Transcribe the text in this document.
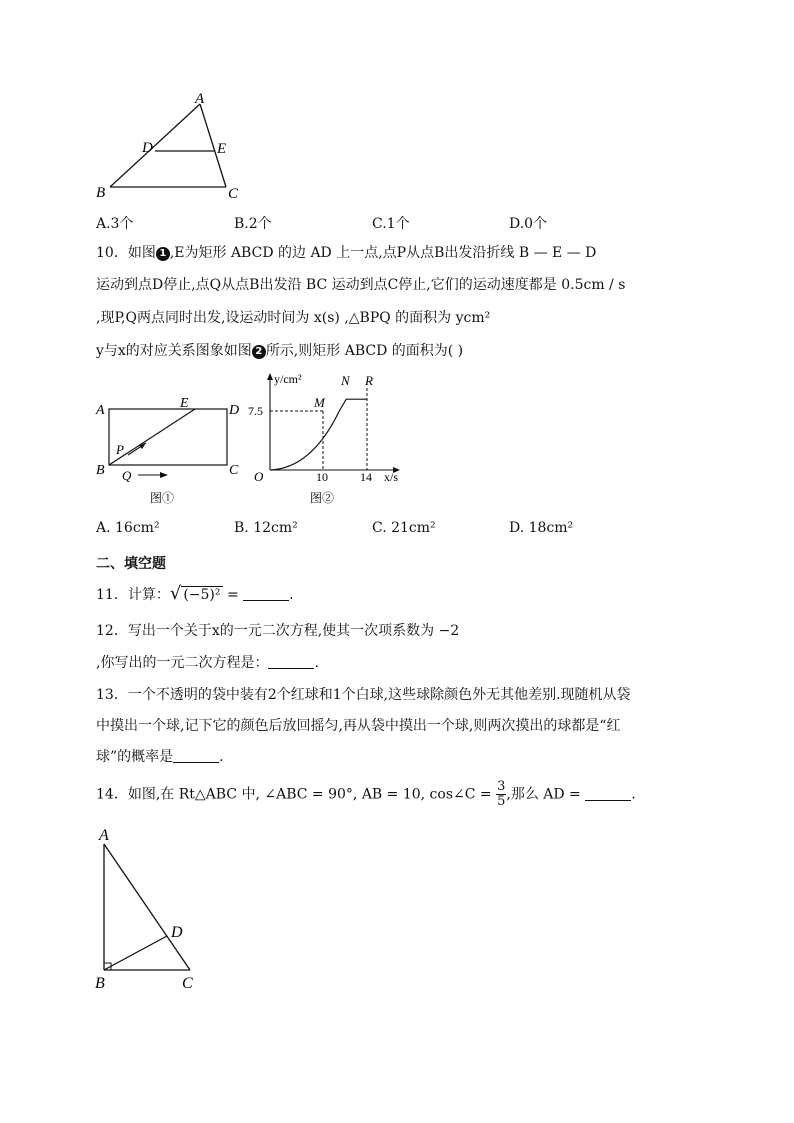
A
D	E
B	C
A.3个	B.2个	C.1个	D.0个
10．如图 1 ,E为矩形 ABCD 的边 AD 上一点,点P从点B出发沿折线 B — E — D
运动到点D停止,点Q从点B出发沿 BC 运动到点C停止,它们的运动速度都是 0.5cm / s
,现P,Q两点同时出发,设运动时间为 x(s) ,△BPQ 的面积为 ycm²
y与x的对应关系图象如图 2 所示,则矩形 ABCD 的面积为( )
A	E	D
P
B	C
Q
图①
y/cm²	N R
M
7.5
O	10	14 x/s
图②
A. 16cm²	B. 12cm²	C. 21cm²	D. 18cm²
二、填空题
11．计算：√ (−5)² =	.
12．写出一个关于x的一元二次方程,使其一次项系数为 −2
,你写出的一元二次方程是：	.
13．一个不透明的袋中装有2个红球和1个白球,这些球除颜色外无其他差别.现随机从袋
中摸出一个球,记下它的颜色后放回摇匀,再从袋中摸出一个球,则两次摸出的球都是“红
球”的概率是	.
14．如图,在 Rt△ABC 中, ∠ABC = 90°, AB = 10, cos∠C = $\frac{3}{5}$ ,那么 AD =	.
A
D
B	C
